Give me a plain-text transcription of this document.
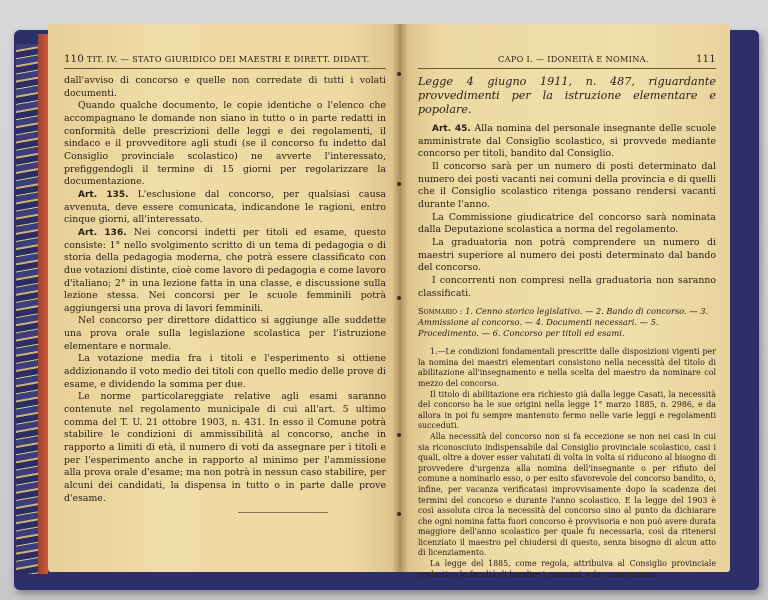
110 TIT. IV. — STATO GIURIDICO DEI MAESTRI E DIRETT. DIDATT.

dall'avviso di concorso e quelle non corredate di tutti i volati documenti.

Quando qualche documento, le copie identiche o l'elenco che accompagnano le domande non siano in tutto o in parte redatti in conformità delle prescrizioni delle leggi e dei regolamenti, il sindaco e il provveditore agli studi (se il concorso fu indetto dal Consiglio provinciale scolastico) ne avverte l'interessato, prefiggendogli il termine di 15 giorni per regolarizzare la documentazione.

Art. 135. L'esclusione dal concorso, per qualsiasi causa avvenuta, deve essere comunicata, indicandone le ragioni, entro cinque giorni, all'interessato.

Art. 136. Nei concorsi indetti per titoli ed esame, questo consiste: 1° nello svolgimento scritto di un tema di pedagogia o di storia della pedagogia moderna, che potrà essere classificato con due votazioni distinte, cioè come lavoro di pedagogia e come lavoro d'italiano; 2° in una lezione fatta in una classe, e discussione sulla lezione stessa. Nei concorsi per le scuole femminili potrà aggiungersi una prova di lavori femminili.

Nel concorso per direttore didattico si aggiunge alle suddette una prova orale sulla legislazione scolastica per l'istruzione elementare e normale.

La votazione media fra i titoli e l'esperimento si ottiene addizionando il voto medio dei titoli con quello medio delle prove di esame, e dividendo la somma per due.

Le norme particolareggiate relative agli esami saranno contenute nel regolamento municipale di cui all'art. 5 ultimo comma del T. U. 21 ottobre 1903, n. 431. In esso il Comune potrà stabilire le condizioni di ammissibilità al concorso, anche in rapporto a limiti di età, il numero di voti da assegnare per i titoli e per l'esperimento anche in rapporto al minimo per l'ammissione alla prova orale d'esame; ma non potrà in nessun caso stabilire, per alcuni dei candidati, la dispensa in tutto o in parte dalle prove d'esame.

CAPO I. — IDONEITÀ E NOMINA.	111
Legge 4 giugno 1911, n. 487, riguardante provvedimenti per la istruzione elementare e popolare.

Art. 45. Alla nomina del personale insegnante delle scuole amministrate dal Consiglio scolastico, si provvede mediante concorso per titoli, bandito dal Consiglio.

Il concorso sarà per un numero di posti determinato dal numero dei posti vacanti nei comuni della provincia e di quelli che il Consiglio scolastico ritenga possano rendersi vacanti durante l'anno.

La Commissione giudicatrice del concorso sarà nominata dalla Deputazione scolastica a norma del regolamento.

La graduatoria non potrà comprendere un numero di maestri superiore al numero dei posti determinato dal bando del concorso.

I concorrenti non compresi nella graduatoria non saranno classificati.

Sommario : 1. Cenno storico legislativo. — 2. Bando di concorso. — 3. Ammissione al concorso. — 4. Documenti necessari. — 5. Procedimento. — 6. Concorso per titoli ed esami.

1.—Le condizioni fondamentali prescritte dalle disposizioni vigenti per la nomina dei maestri elementari consistono nella necessità del titolo di abilitazione all'insegnamento e nella scelta del maestro da nominare col mezzo del concorso.

Il titolo di abilitazione era richiesto già dalla legge Casati, la necessità del concorso ha le sue origini nella legge 1° marzo 1885, n. 2986, e da allora in poi fu sempre mantenuto fermo nelle varie leggi e regolamenti succeduti.

Alla necessità del concorso non si fa eccezione se non nei casi in cui sia riconosciuto indispensabile dal Consiglio provinciale scolastico, casi i quali, oltre a dover esser valutati di volta in volta si riducono al bisogno di provvedere d'urgenza alla nomina dell'insegnante o per rifiuto del comune a nominarlo esso, o per esito sfavorevole del concorso bandito, o, infine, per vacanza verificatasi improvvisamente dopo la scadenza dei termini del concorso e durante l'anno scolastico. E la legge del 1903 è così assoluta circa la necessità del concorso sino al punto da dichiarare che ogni nomina fatta fuori concorso è provvisoria e non può avere durata maggiore dell'anno scolastico per quale fu necessaria, così da ritenersi licenziato il maestro pel chiudersi di questo, senza bisogno di alcun atto di licenziamento.

La legge del 1885, come regola, attribuiva al Consiglio provinciale scolastico la facoltà di bandire i concorsi, e la conseguenza
